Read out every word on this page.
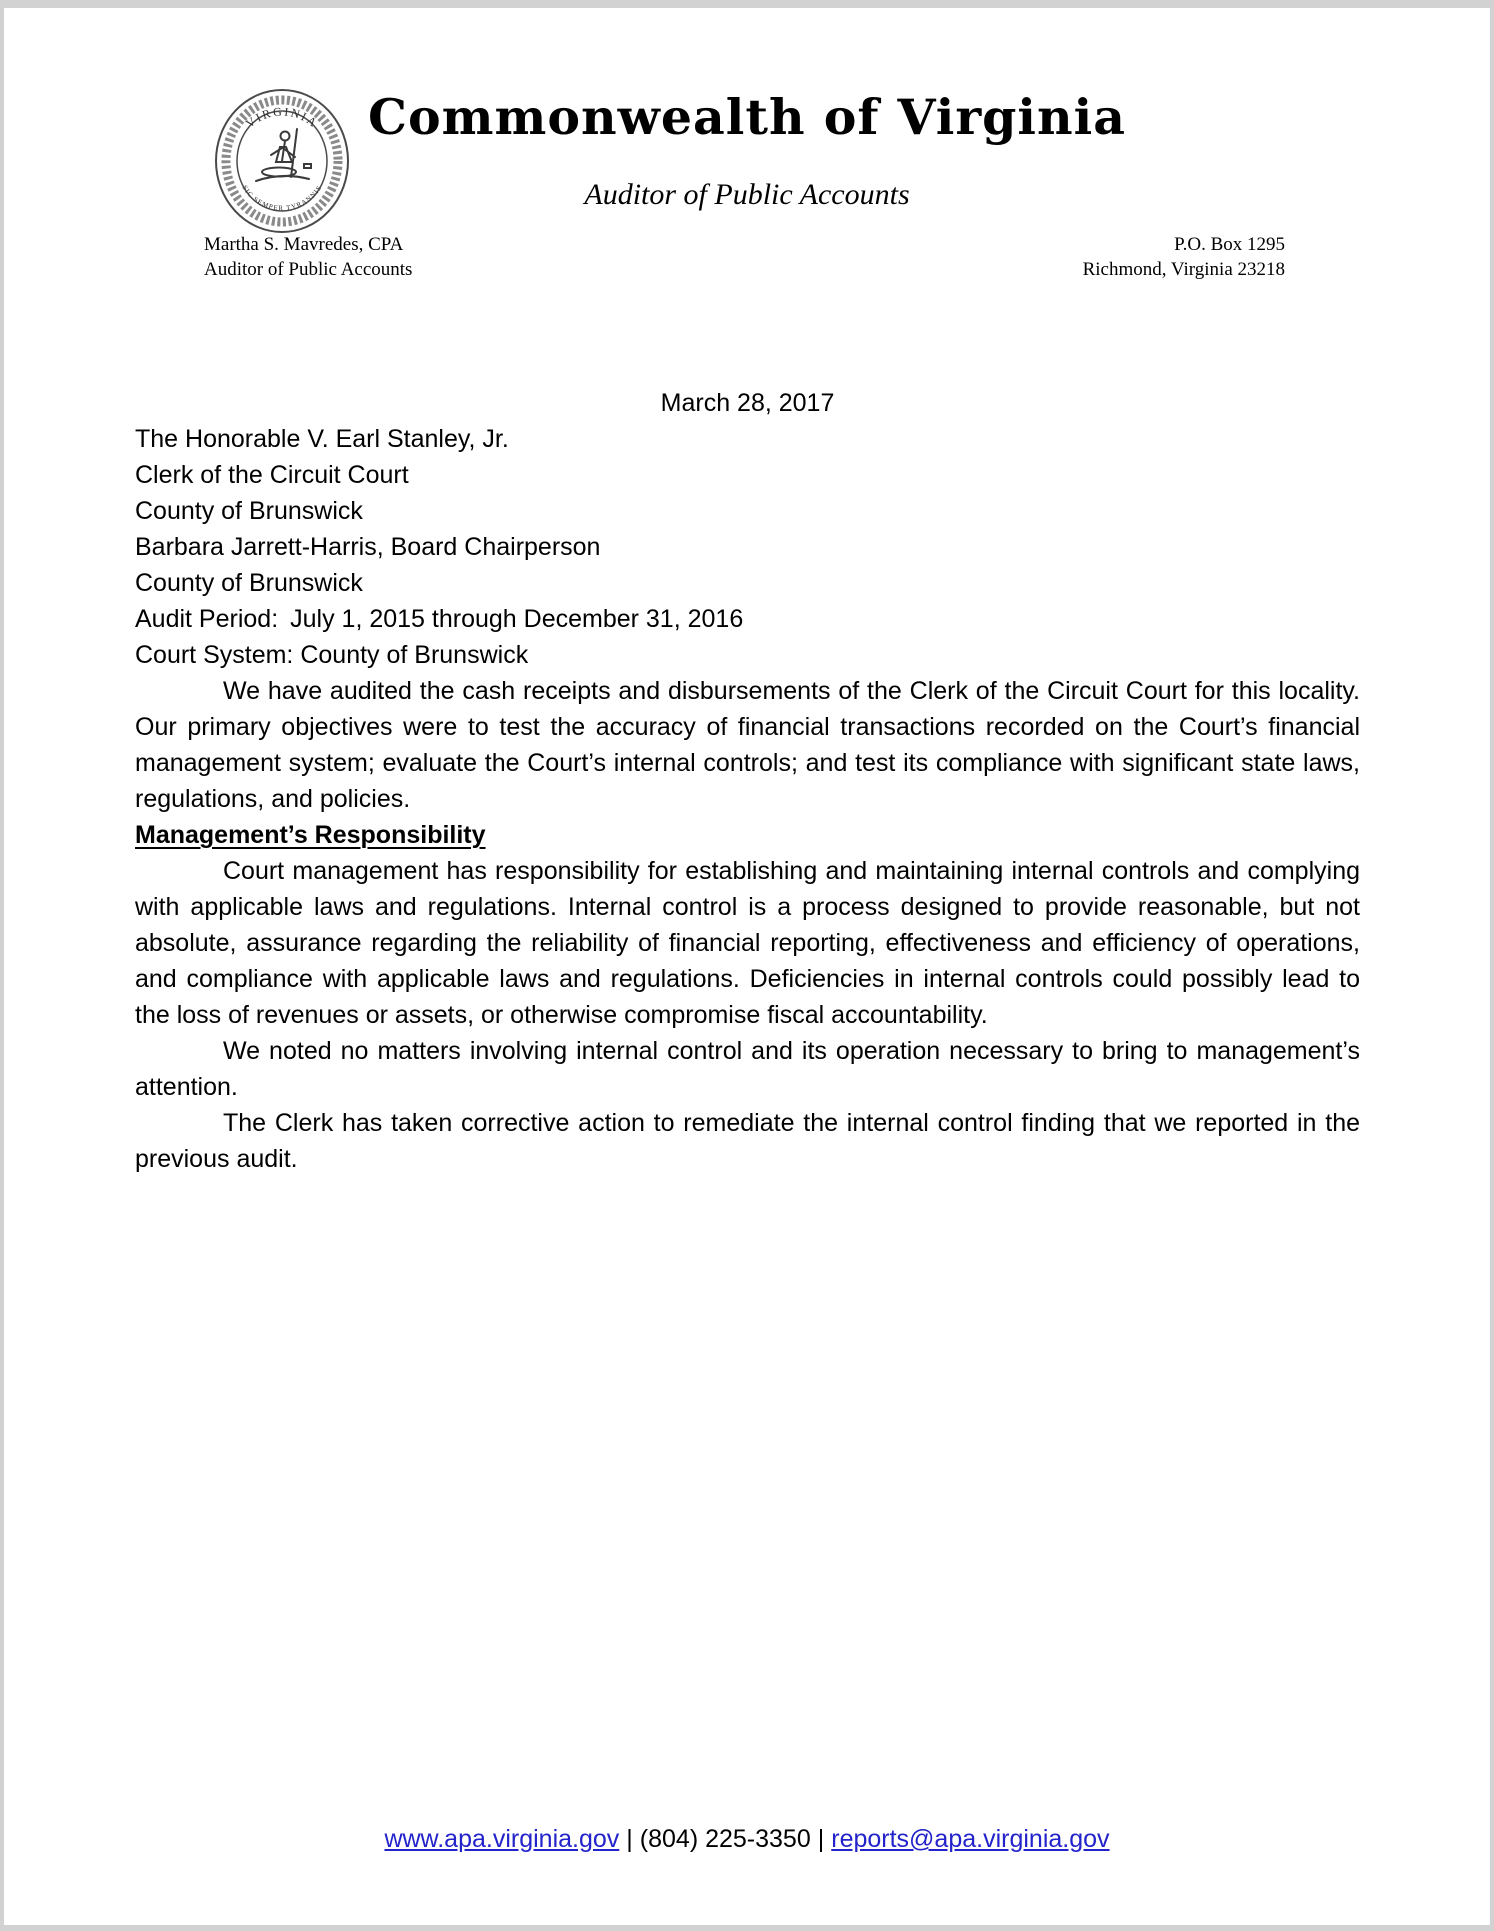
VIRGINIA
SIC SEMPER TYRANNIS
Commonwealth of Virginia
Auditor of Public Accounts
Martha S. Mavredes, CPA
Auditor of Public Accounts
P.O. Box 1295
Richmond, Virginia 23218
March 28, 2017
The Honorable V. Earl Stanley, Jr.
Clerk of the Circuit Court
County of Brunswick
Barbara Jarrett-Harris, Board Chairperson
County of Brunswick
Audit Period: July 1, 2015 through December 31, 2016
Court System: County of Brunswick

We have audited the cash receipts and disbursements of the Clerk of the Circuit Court for this locality. Our primary objectives were to test the accuracy of financial transactions recorded on the Court’s financial management system; evaluate the Court’s internal controls; and test its compliance with significant state laws, regulations, and policies.

Management’s Responsibility

Court management has responsibility for establishing and maintaining internal controls and complying with applicable laws and regulations. Internal control is a process designed to provide reasonable, but not absolute, assurance regarding the reliability of financial reporting, effectiveness and efficiency of operations, and compliance with applicable laws and regulations. Deficiencies in internal controls could possibly lead to the loss of revenues or assets, or otherwise compromise fiscal accountability.

We noted no matters involving internal control and its operation necessary to bring to management’s attention.

The Clerk has taken corrective action to remediate the internal control finding that we reported in the previous audit.

www.apa.virginia.gov | (804) 225-3350 | reports@apa.virginia.gov
